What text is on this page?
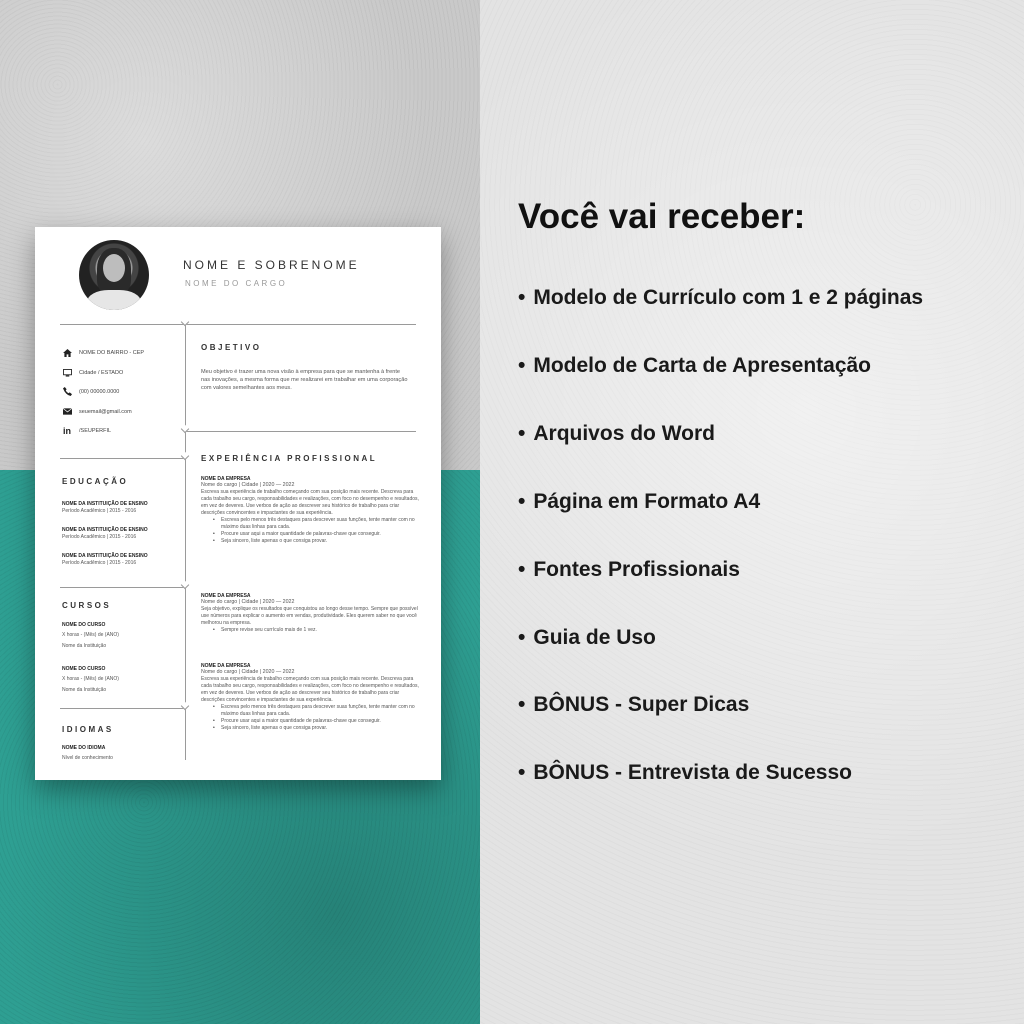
NOME E SOBRENOME
NOME DO CARGO
NOME DO BAIRRO - CEP
Cidade / ESTADO
(00) 00000.0000
seuemail@gmail.com
in /SEUPERFIL
EDUCAÇÃO
NOME DA INSTITUIÇÃO DE ENSINO
Período Acadêmico | 2015 - 2016
NOME DA INSTITUIÇÃO DE ENSINO
Período Acadêmico | 2015 - 2016
NOME DA INSTITUIÇÃO DE ENSINO
Período Acadêmico | 2015 - 2016
CURSOS
NOME DO CURSO
X horas - (Mês) de (ANO)
Nome da Instituição
NOME DO CURSO
X horas - (Mês) de (ANO)
Nome da Instituição
IDIOMAS
NOME DO IDIOMA
Nível de conhecimento
OBJETIVO
Meu objetivo é trazer uma nova visão à empresa para que se mantenha à frente nas inovações, a mesma forma que me realizarei em trabalhar em uma corporação com valores semelhantes aos meus.
EXPERIÊNCIA PROFISSIONAL
NOME DA EMPRESA
Nome do cargo | Cidade | 2020 — 2022
Escreva sua experiência de trabalho começando com sua posição mais recente. Descreva para cada trabalho seu cargo, responsabilidades e realizações, com foco no desempenho e resultados, em vez de deveres. Use verbos de ação ao descrever seu histórico de trabalho para criar descrições convincentes e impactantes de sua experiência.
• Escreva pelo menos três destaques para descrever suas funções, tente manter com no máximo duas linhas para cada.
• Procure usar aqui a maior quantidade de palavras-chave que conseguir.
• Seja sincero, liste apenas o que consiga provar.
NOME DA EMPRESA
Nome do cargo | Cidade | 2020 — 2022
Seja objetivo, explique os resultados que conquistou ao longo desse tempo. Sempre que possível use números para explicar o aumento em vendas, produtividade. Eles querem saber no que você melhorou na empresa.
• Sempre revise seu currículo mais de 1 vez.
NOME DA EMPRESA
Nome do cargo | Cidade | 2020 — 2022
Escreva sua experiência de trabalho começando com sua posição mais recente. Descreva para cada trabalho seu cargo, responsabilidades e realizações, com foco no desempenho e resultados, em vez de deveres. Use verbos de ação ao descrever seu histórico de trabalho para criar descrições convincentes e impactantes de sua experiência.
• Escreva pelo menos três destaques para descrever suas funções, tente manter com no máximo duas linhas para cada.
• Procure usar aqui a maior quantidade de palavras-chave que conseguir.
• Seja sincero, liste apenas o que consiga provar.
Você vai receber:
• Modelo de Currículo com 1 e 2 páginas
• Modelo de Carta de Apresentação
• Arquivos do Word
• Página em Formato A4
• Fontes Profissionais
• Guia de Uso
• BÔNUS - Super Dicas
• BÔNUS - Entrevista de Sucesso
